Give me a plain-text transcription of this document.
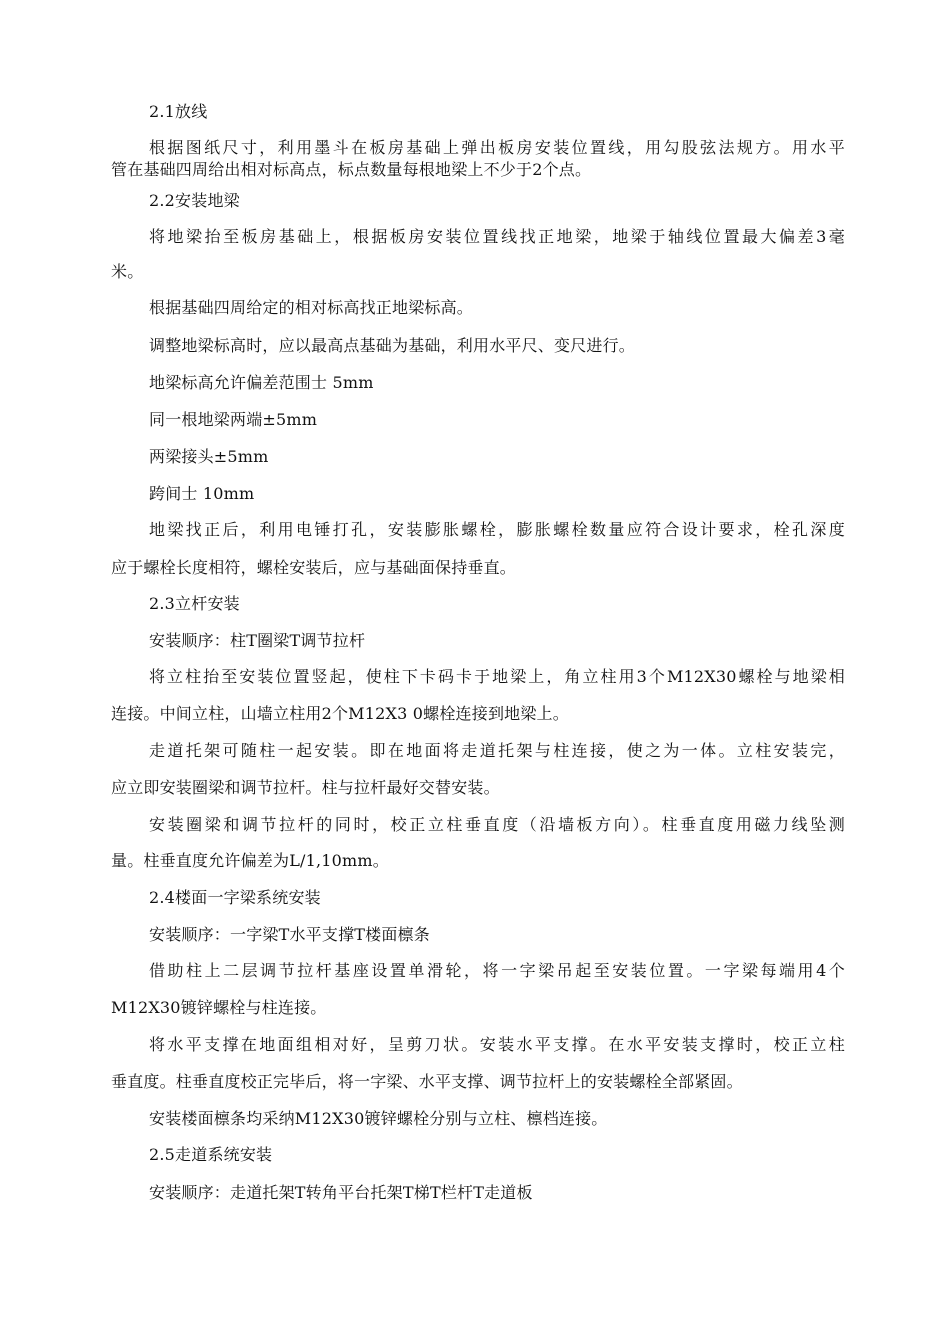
2.1放线

根据图纸尺寸，利用墨斗在板房基础上弹出板房安装位置线，用勾股弦法规方。用水平

管在基础四周给出相对标高点，标点数量每根地梁上不少于2个点。

2.2安装地梁

将地梁抬至板房基础上，根据板房安装位置线找正地梁，地梁于轴线位置最大偏差3毫

米。

根据基础四周给定的相对标高找正地梁标高。

调整地梁标高时，应以最高点基础为基础，利用水平尺、变尺进行。

地梁标高允许偏差范围士 5mm

同一根地梁两端±5mm

两梁接头±5mm

跨间士 10mm

地梁找正后，利用电锤打孔，安装膨胀螺栓，膨胀螺栓数量应符合设计要求，栓孔深度

应于螺栓长度相符，螺栓安装后，应与基础面保持垂直。

2.3立杆安装

安装顺序：柱T圈梁T调节拉杆

将立柱抬至安装位置竖起，使柱下卡码卡于地梁上，角立柱用3个M12X30螺栓与地梁相

连接。中间立柱，山墙立柱用2个M12X3 0螺栓连接到地梁上。

走道托架可随柱一起安装。即在地面将走道托架与柱连接，使之为一体。立柱安装完，

应立即安装圈梁和调节拉杆。柱与拉杆最好交替安装。

安装圈梁和调节拉杆的同时，校正立柱垂直度（沿墙板方向）。柱垂直度用磁力线坠测

量。柱垂直度允许偏差为L/1,10mm。

2.4楼面一字梁系统安装

安装顺序：一字梁T水平支撑T楼面檩条

借助柱上二层调节拉杆基座设置单滑轮，将一字梁吊起至安装位置。一字梁每端用4个

M12X30镀锌螺栓与柱连接。

将水平支撑在地面组相对好，呈剪刀状。安装水平支撑。在水平安装支撑时，校正立柱

垂直度。柱垂直度校正完毕后，将一字梁、水平支撑、调节拉杆上的安装螺栓全部紧固。

安装楼面檩条均采纳M12X30镀锌螺栓分别与立柱、檩档连接。

2.5走道系统安装

安装顺序：走道托架T转角平台托架T梯T栏杆T走道板
